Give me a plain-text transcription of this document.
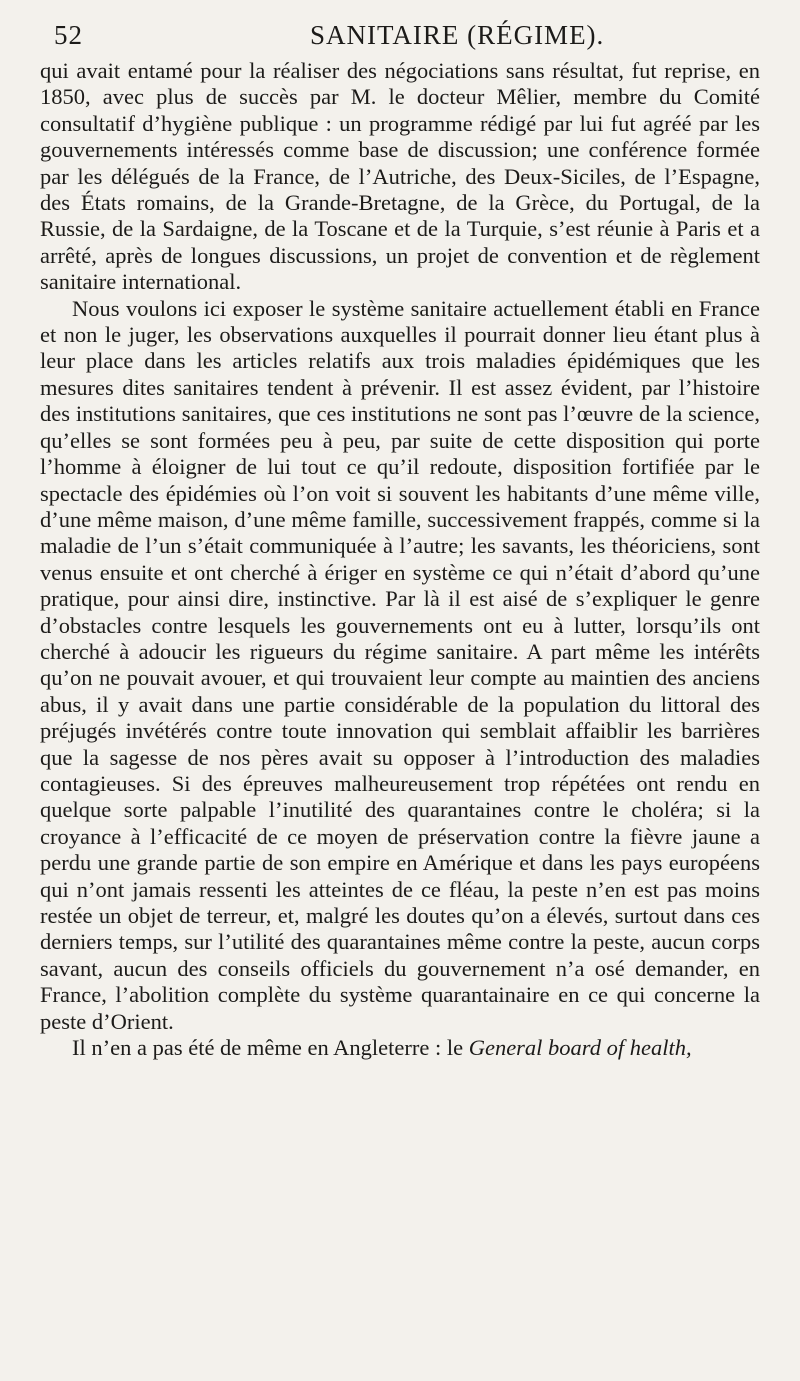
52	SANITAIRE (RÉGIME).

qui avait entamé pour la réaliser des négociations sans résultat, fut reprise, en 1850, avec plus de succès par M. le docteur Mêlier, membre du Comité consultatif d’hygiène publique : un programme rédigé par lui fut agréé par les gouvernements intéressés comme base de discussion; une conférence formée par les délégués de la France, de l’Autriche, des Deux-Siciles, de l’Espagne, des États romains, de la Grande-Bretagne, de la Grèce, du Portugal, de la Russie, de la Sardaigne, de la Toscane et de la Turquie, s’est réunie à Paris et a arrêté, après de longues discussions, un projet de convention et de règlement sanitaire international.

Nous voulons ici exposer le système sanitaire actuellement établi en France et non le juger, les observations auxquelles il pourrait donner lieu étant plus à leur place dans les articles relatifs aux trois maladies épidémiques que les mesures dites sanitaires tendent à prévenir. Il est assez évident, par l’histoire des institutions sanitaires, que ces institutions ne sont pas l’œuvre de la science, qu’elles se sont formées peu à peu, par suite de cette disposition qui porte l’homme à éloigner de lui tout ce qu’il redoute, disposition fortifiée par le spectacle des épidémies où l’on voit si souvent les habitants d’une même ville, d’une même maison, d’une même famille, successivement frappés, comme si la maladie de l’un s’était communiquée à l’autre; les savants, les théoriciens, sont venus ensuite et ont cherché à ériger en système ce qui n’était d’abord qu’une pratique, pour ainsi dire, instinctive. Par là il est aisé de s’expliquer le genre d’obstacles contre lesquels les gouvernements ont eu à lutter, lorsqu’ils ont cherché à adoucir les rigueurs du régime sanitaire. A part même les intérêts qu’on ne pouvait avouer, et qui trouvaient leur compte au maintien des anciens abus, il y avait dans une partie considérable de la population du littoral des préjugés invétérés contre toute innovation qui semblait affaiblir les barrières que la sagesse de nos pères avait su opposer à l’introduction des maladies contagieuses. Si des épreuves malheureusement trop répétées ont rendu en quelque sorte palpable l’inutilité des quarantaines contre le choléra; si la croyance à l’efficacité de ce moyen de préservation contre la fièvre jaune a perdu une grande partie de son empire en Amérique et dans les pays européens qui n’ont jamais ressenti les atteintes de ce fléau, la peste n’en est pas moins restée un objet de terreur, et, malgré les doutes qu’on a élevés, surtout dans ces derniers temps, sur l’utilité des quarantaines même contre la peste, aucun corps savant, aucun des conseils officiels du gouvernement n’a osé demander, en France, l’abolition complète du système quarantainaire en ce qui concerne la peste d’Orient.

Il n’en a pas été de même en Angleterre : le General board of health,
